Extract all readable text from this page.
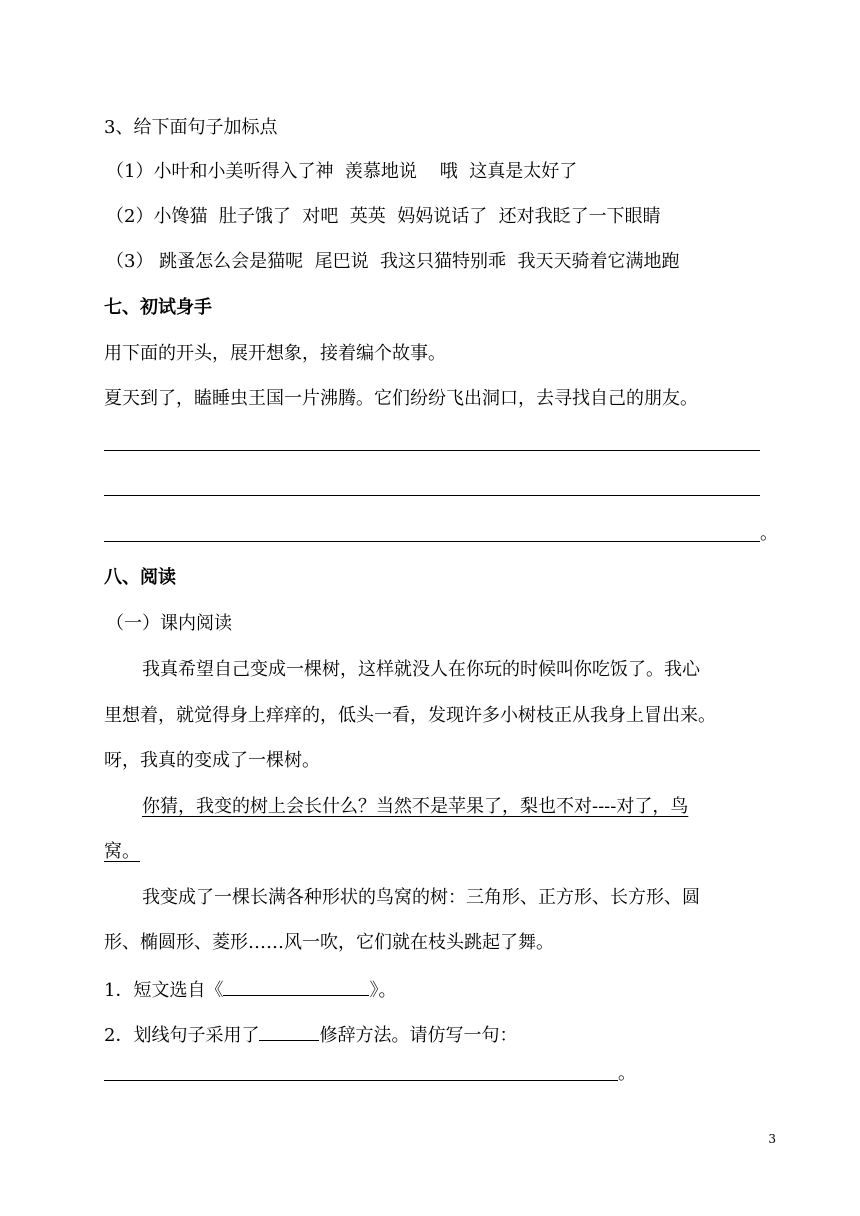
3、给下面句子加标点
（1）小叶和小美听得入了神  羡慕地说    哦  这真是太好了
（2）小馋猫  肚子饿了  对吧  英英  妈妈说话了  还对我眨了一下眼睛
（3） 跳蚤怎么会是猫呢  尾巴说  我这只猫特别乖  我天天骑着它满地跑
七、初试身手
用下面的开头，展开想象，接着编个故事。
夏天到了，瞌睡虫王国一片沸腾。它们纷纷飞出洞口，去寻找自己的朋友。
。
八、阅读
（一）课内阅读
我真希望自己变成一棵树，这样就没人在你玩的时候叫你吃饭了。我心
里想着，就觉得身上痒痒的，低头一看，发现许多小树枝正从我身上冒出来。
呀，我真的变成了一棵树。
你猜，我变的树上会长什么？当然不是苹果了，梨也不对----对了，鸟
窝。
我变成了一棵长满各种形状的鸟窝的树：三角形、正方形、长方形、圆
形、椭圆形、菱形……风一吹，它们就在枝头跳起了舞。
1．短文选自《	》。
2．划线句子采用了	修辞方法。请仿写一句：
。
3
